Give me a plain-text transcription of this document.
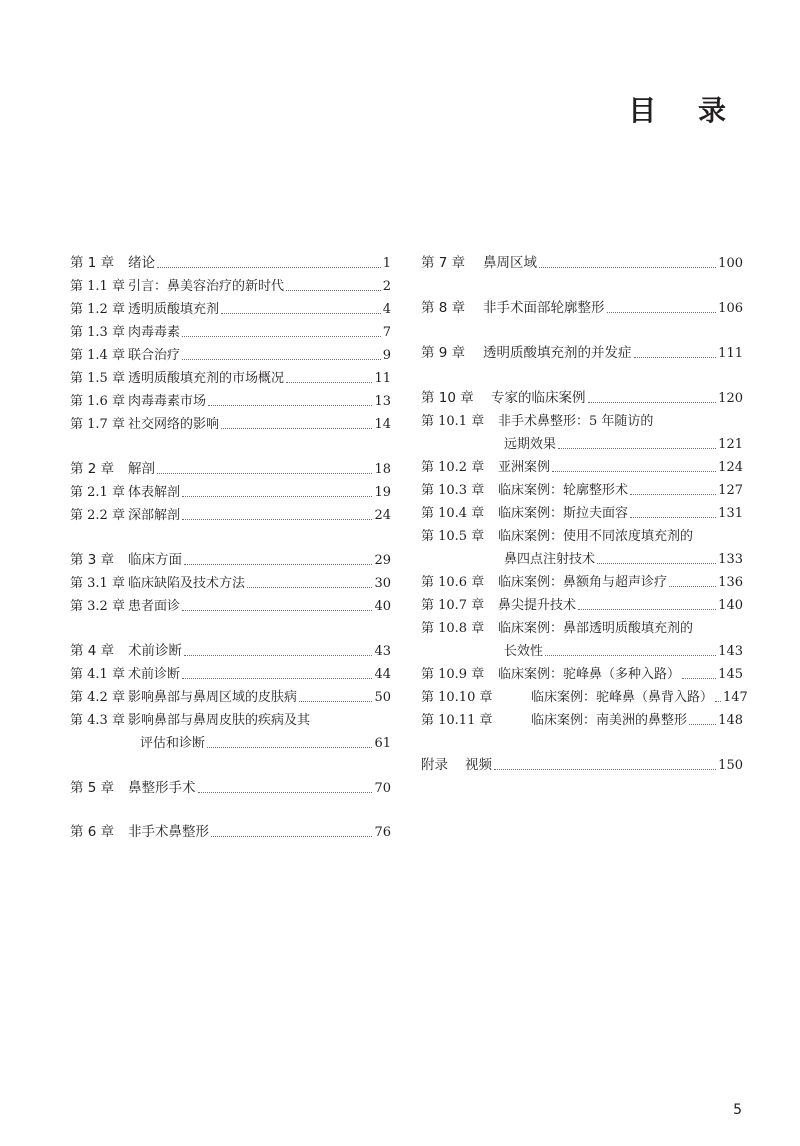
目 录
第 1 章	绪论	1
第 1.1 章 引言：鼻美容治疗的新时代	2
第 1.2 章 透明质酸填充剂	4
第 1.3 章 肉毒毒素	7
第 1.4 章 联合治疗	9
第 1.5 章 透明质酸填充剂的市场概况	11
第 1.6 章 肉毒毒素市场	13
第 1.7 章 社交网络的影响	14
第 2 章	解剖	18
第 2.1 章 体表解剖	19
第 2.2 章 深部解剖	24
第 3 章	临床方面	29
第 3.1 章 临床缺陷及技术方法	30
第 3.2 章 患者面诊	40
第 4 章	术前诊断	43
第 4.1 章 术前诊断	44
第 4.2 章 影响鼻部与鼻周区域的皮肤病	50
第 4.3 章 影响鼻部与鼻周皮肤的疾病及其
评估和诊断	61
第 5 章	鼻整形手术	70
第 6 章	非手术鼻整形	76
第 7 章	鼻周区域	100
第 8 章	非手术面部轮廓整形	106
第 9 章	透明质酸填充剂的并发症	111
第 10 章	专家的临床案例	120
第 10.1 章	非手术鼻整形：5 年随访的
远期效果	121
第 10.2 章	亚洲案例	124
第 10.3 章	临床案例：轮廓整形术	127
第 10.4 章	临床案例：斯拉夫面容	131
第 10.5 章	临床案例：使用不同浓度填充剂的
鼻四点注射技术	133
第 10.6 章	临床案例：鼻额角与超声诊疗	136
第 10.7 章	鼻尖提升技术	140
第 10.8 章	临床案例：鼻部透明质酸填充剂的
长效性	143
第 10.9 章	临床案例：驼峰鼻（多种入路）	145
第 10.10 章	临床案例：驼峰鼻（鼻背入路） 147
第 10.11 章	临床案例：南美洲的鼻整形 148
附录	视频	150
5
